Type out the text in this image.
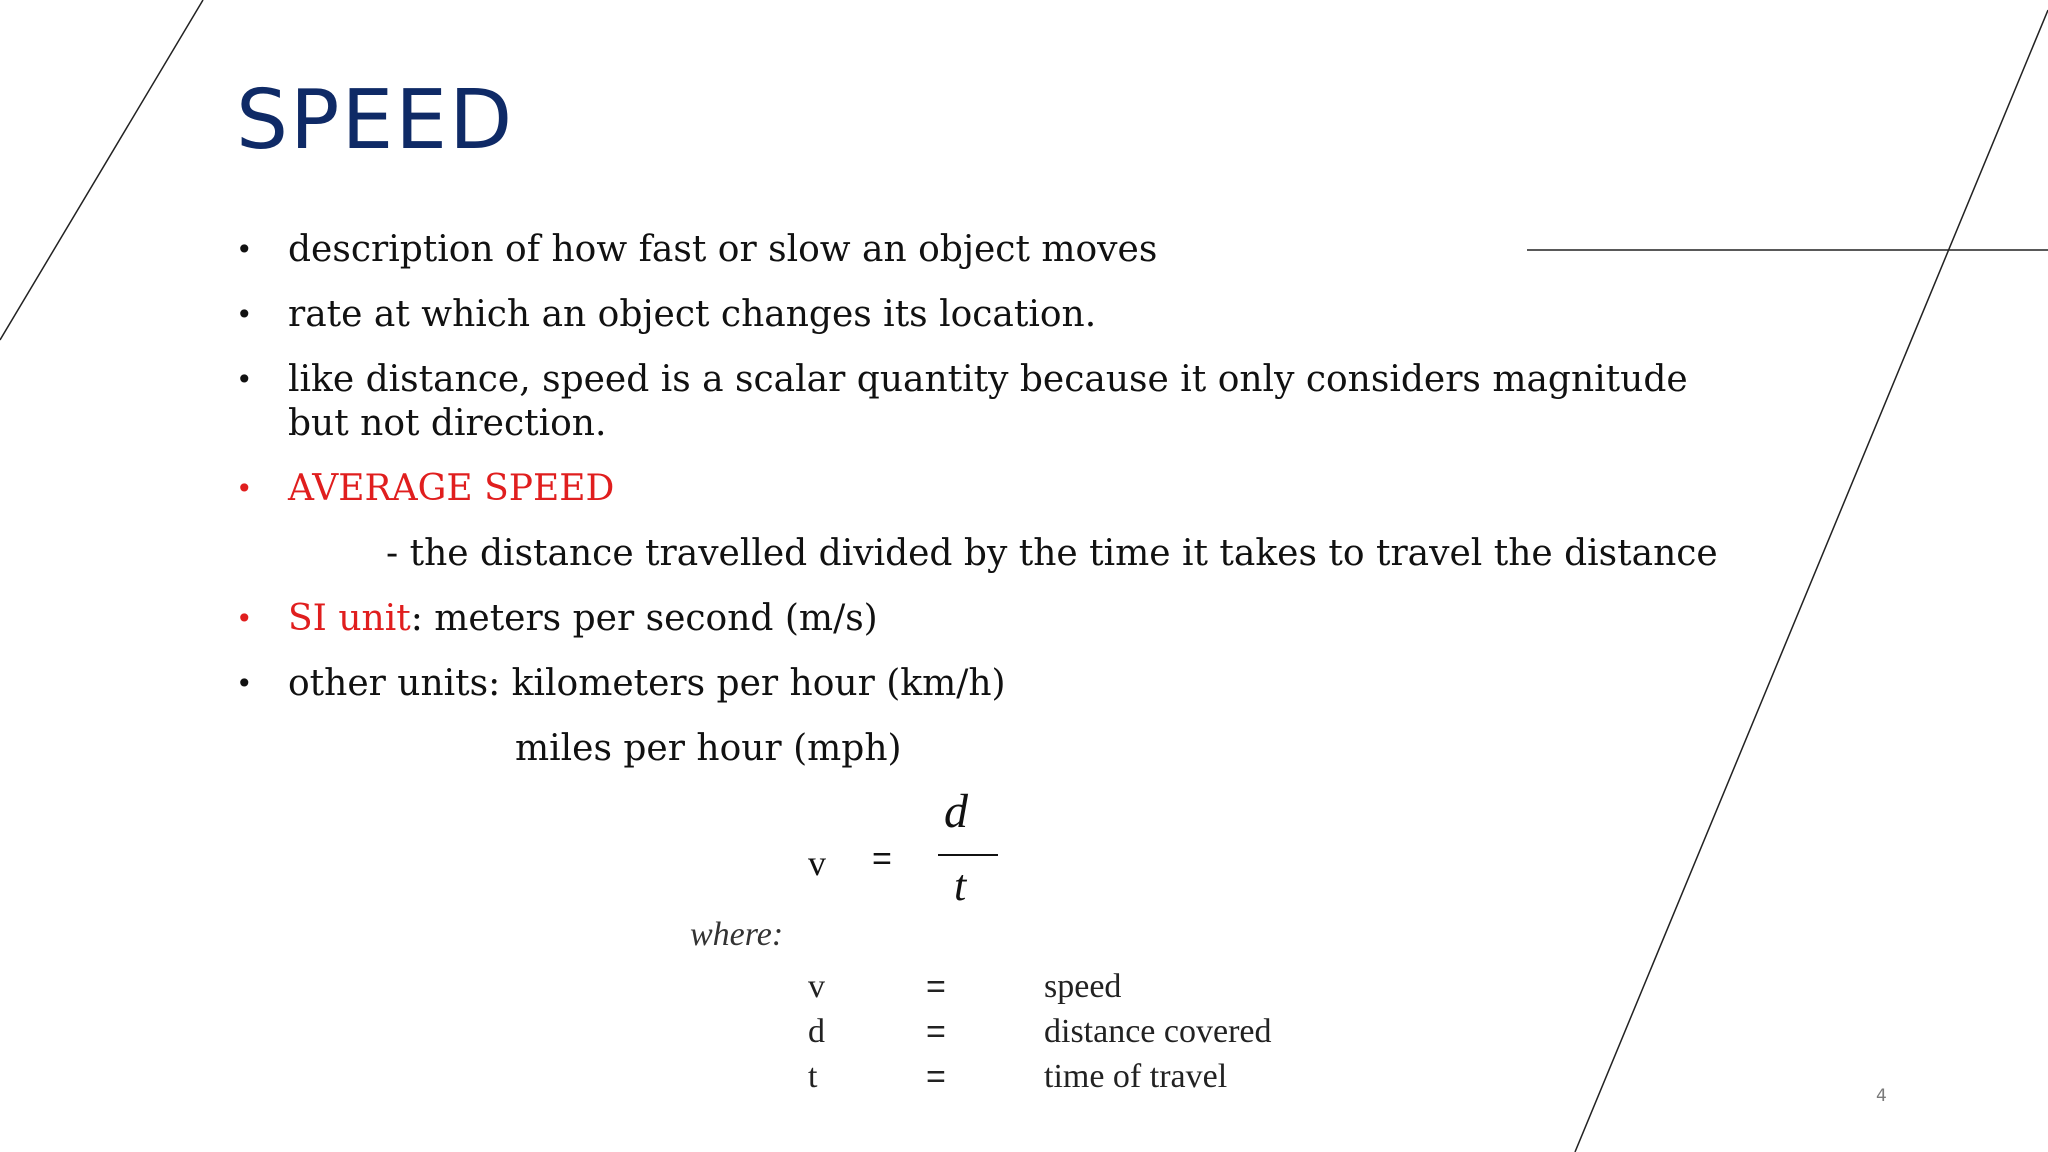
SPEED
• description of how fast or slow an object moves
• rate at which an object changes its location.
• like distance, speed is a scalar quantity because it only considers magnitude
but not direction.
• AVERAGE SPEED
- the distance travelled divided by the time it takes to travel the distance
• SI unit: meters per second (m/s)
• other units: kilometers per hour (km/h)
miles per hour (mph)
v =
d
t
where:
v	=	speed
d	=	distance covered
t	=	time of travel
4
